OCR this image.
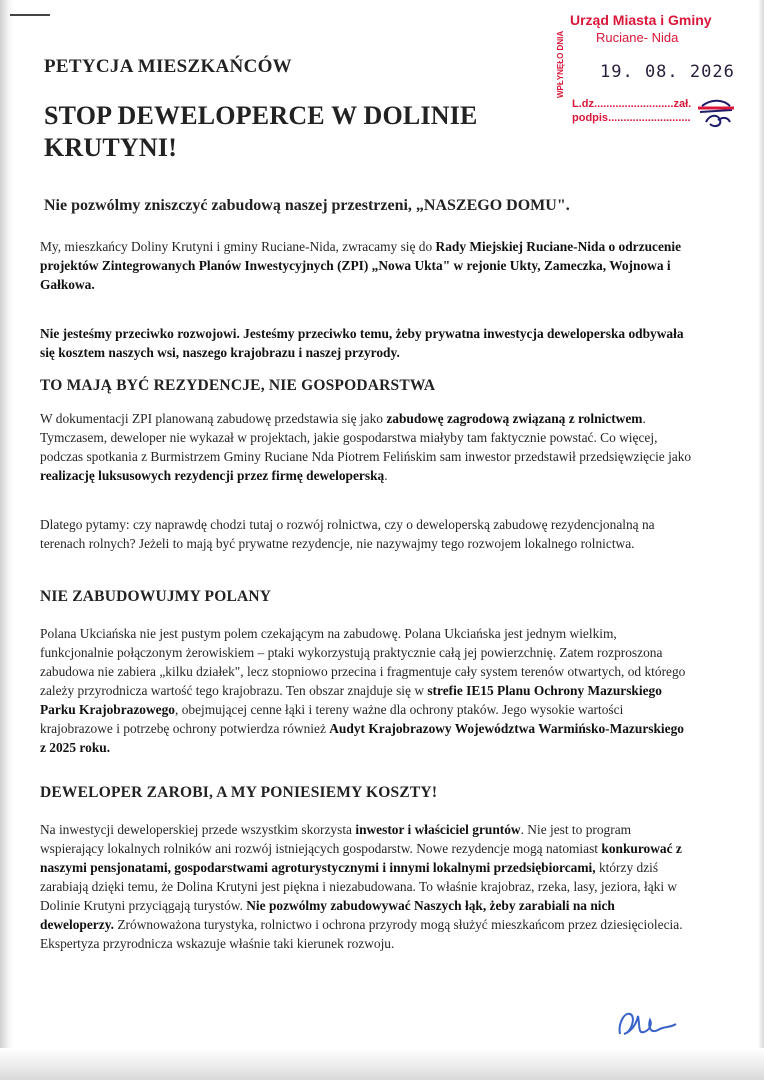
Urząd Miasta i Gminy
Ruciane- Nida
WPŁYNĘŁO DNIA 19. 08. 2026
L.dz..........................zał.
podpis...........................
PETYCJA MIESZKAŃCÓW
STOP DEWELOPERCE W DOLINIE
KRUTYNI!
Nie pozwólmy zniszczyć zabudową naszej przestrzeni, „NASZEGO DOMU".

My, mieszkańcy Doliny Krutyni i gminy Ruciane-Nida, zwracamy się do Rady Miejskiej Ruciane-Nida o odrzucenie projektów Zintegrowanych Planów Inwestycyjnych (ZPI) „Nowa Ukta" w rejonie Ukty, Zameczka, Wojnowa i Gałkowa.

Nie jesteśmy przeciwko rozwojowi. Jesteśmy przeciwko temu, żeby prywatna inwestycja deweloperska odbywała się kosztem naszych wsi, naszego krajobrazu i naszej przyrody.

TO MAJĄ BYĆ REZYDENCJE, NIE GOSPODARSTWA

W dokumentacji ZPI planowaną zabudowę przedstawia się jako zabudowę zagrodową związaną z rolnictwem. Tymczasem, deweloper nie wykazał w projektach, jakie gospodarstwa miałyby tam faktycznie powstać. Co więcej, podczas spotkania z Burmistrzem Gminy Ruciane Nda Piotrem Felińskim sam inwestor przedstawił przedsięwzięcie jako realizację luksusowych rezydencji przez firmę deweloperską.

Dlatego pytamy: czy naprawdę chodzi tutaj o rozwój rolnictwa, czy o deweloperską zabudowę rezydencjonalną na terenach rolnych? Jeżeli to mają być prywatne rezydencje, nie nazywajmy tego rozwojem lokalnego rolnictwa.

NIE ZABUDOWUJMY POLANY

Polana Ukciańska nie jest pustym polem czekającym na zabudowę. Polana Ukciańska jest jednym wielkim, funkcjonalnie połączonym żerowiskiem – ptaki wykorzystują praktycznie całą jej powierzchnię. Zatem rozproszona zabudowa nie zabiera „kilku działek", lecz stopniowo przecina i fragmentuje cały system terenów otwartych, od którego zależy przyrodnicza wartość tego krajobrazu. Ten obszar znajduje się w strefie IE15 Planu Ochrony Mazurskiego Parku Krajobrazowego, obejmującej cenne łąki i tereny ważne dla ochrony ptaków. Jego wysokie wartości krajobrazowe i potrzebę ochrony potwierdza również Audyt Krajobrazowy Województwa Warmińsko-Mazurskiego z 2025 roku.

DEWELOPER ZAROBI, A MY PONIESIEMY KOSZTY!

Na inwestycji deweloperskiej przede wszystkim skorzysta inwestor i właściciel gruntów. Nie jest to program wspierający lokalnych rolników ani rozwój istniejących gospodarstw. Nowe rezydencje mogą natomiast konkurować z naszymi pensjonatami, gospodarstwami agroturystycznymi i innymi lokalnymi przedsiębiorcami, którzy dziś zarabiają dzięki temu, że Dolina Krutyni jest piękna i niezabudowana. To właśnie krajobraz, rzeka, lasy, jeziora, łąki w Dolinie Krutyni przyciągają turystów. Nie pozwólmy zabudowywać Naszych łąk, żeby zarabiali na nich deweloperzy. Zrównoważona turystyka, rolnictwo i ochrona przyrody mogą służyć mieszkańcom przez dziesięciolecia. Ekspertyza przyrodnicza wskazuje właśnie taki kierunek rozwoju.
